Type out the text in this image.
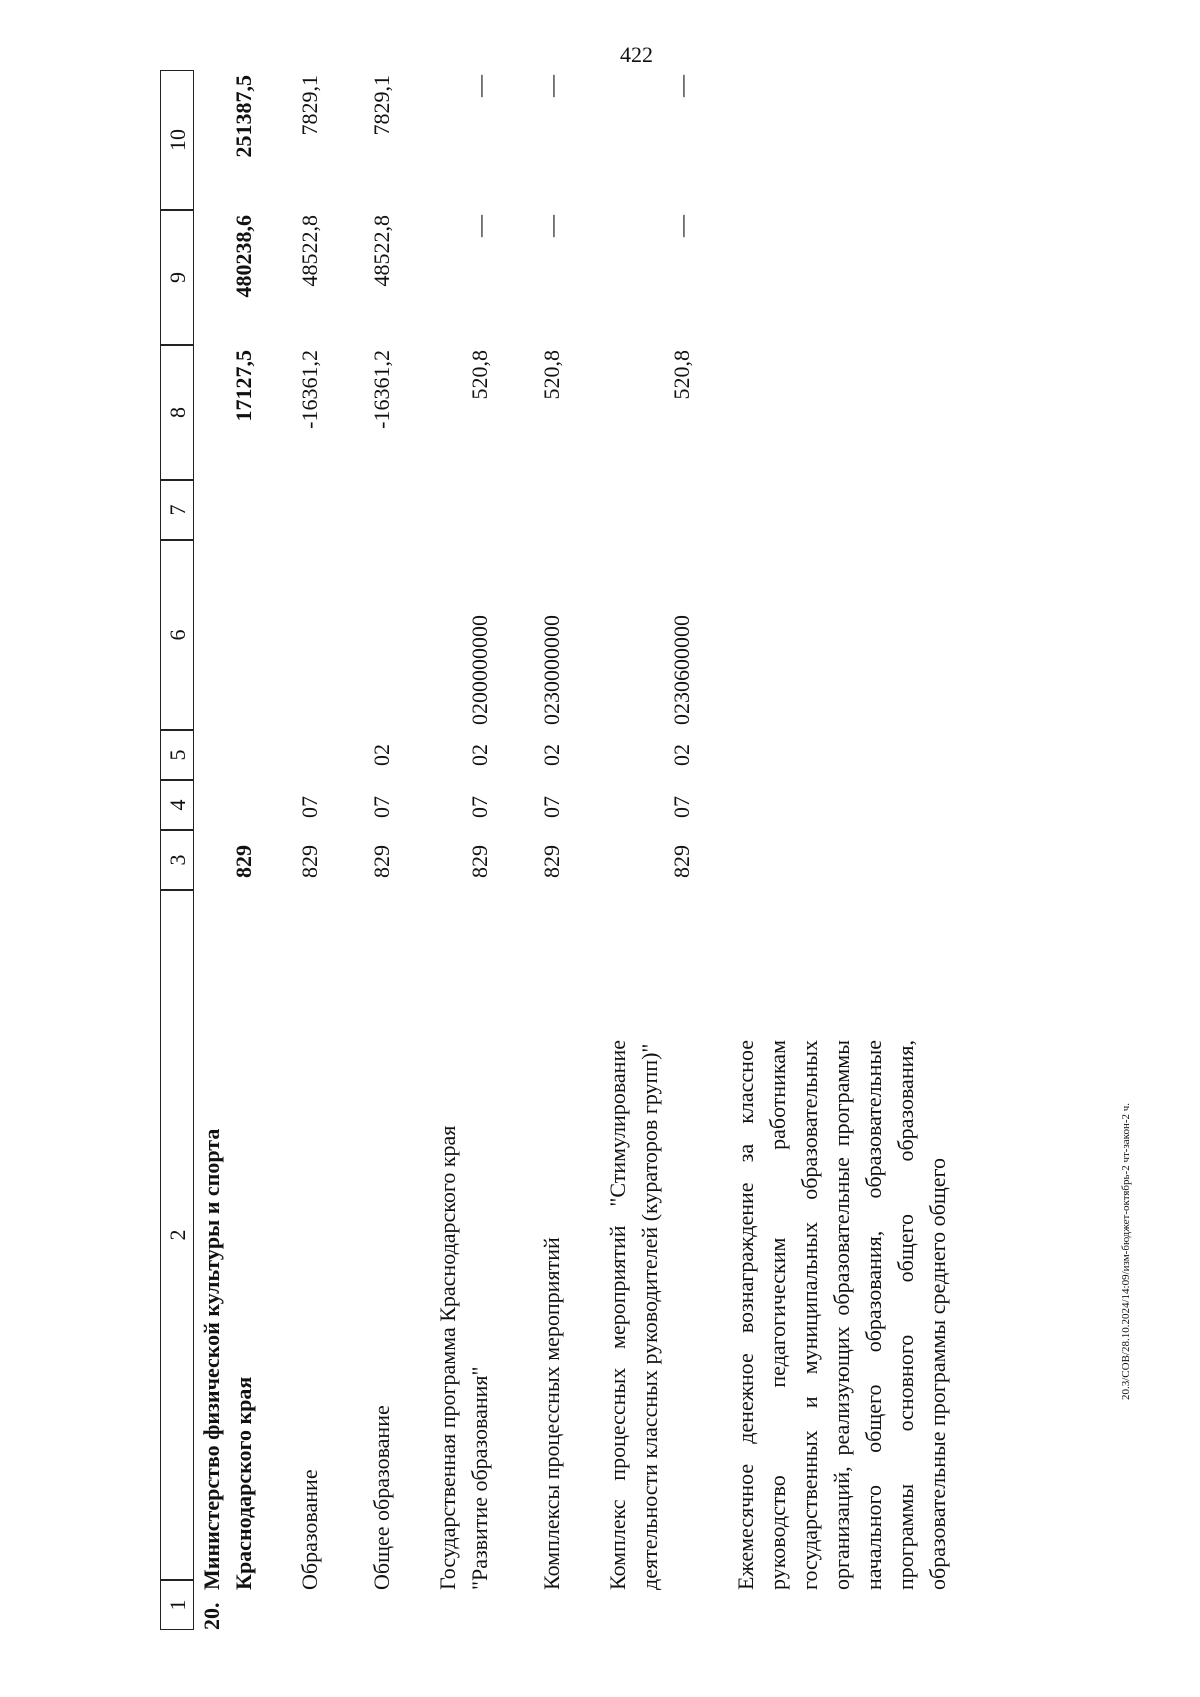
422
20.3/СОВ/28.10.2024/14:09/изм-бюджет-октябрь-2 чт-закон-2 ч.
1
2
3
4
5
6
7
8
9
10
20.
Министерство физической культуры и спорта Краснодарского края
829
17127,5
480238,6
251387,5
Образование
829
07
-16361,2
48522,8
7829,1
Общее образование
829
07
02
-16361,2
48522,8
7829,1
Государственная программа Краснодарского края "Развитие образования"
829
07
02
0200000000
520,8
—
—
Комплексы процессных мероприятий
829
07
02
0230000000
520,8
—
—
Комплекс процессных мероприятий "Стимулирование деятельности классных руководителей (кураторов групп)"
829
07
02
0230600000
520,8
—
—
Ежемесячное денежное вознаграждение за классное руководство педагогическим работникам государственных и муниципальных образовательных организаций, реализующих образовательные программы начального общего образования, образовательные программы основного общего образования, образовательные программы среднего общего
